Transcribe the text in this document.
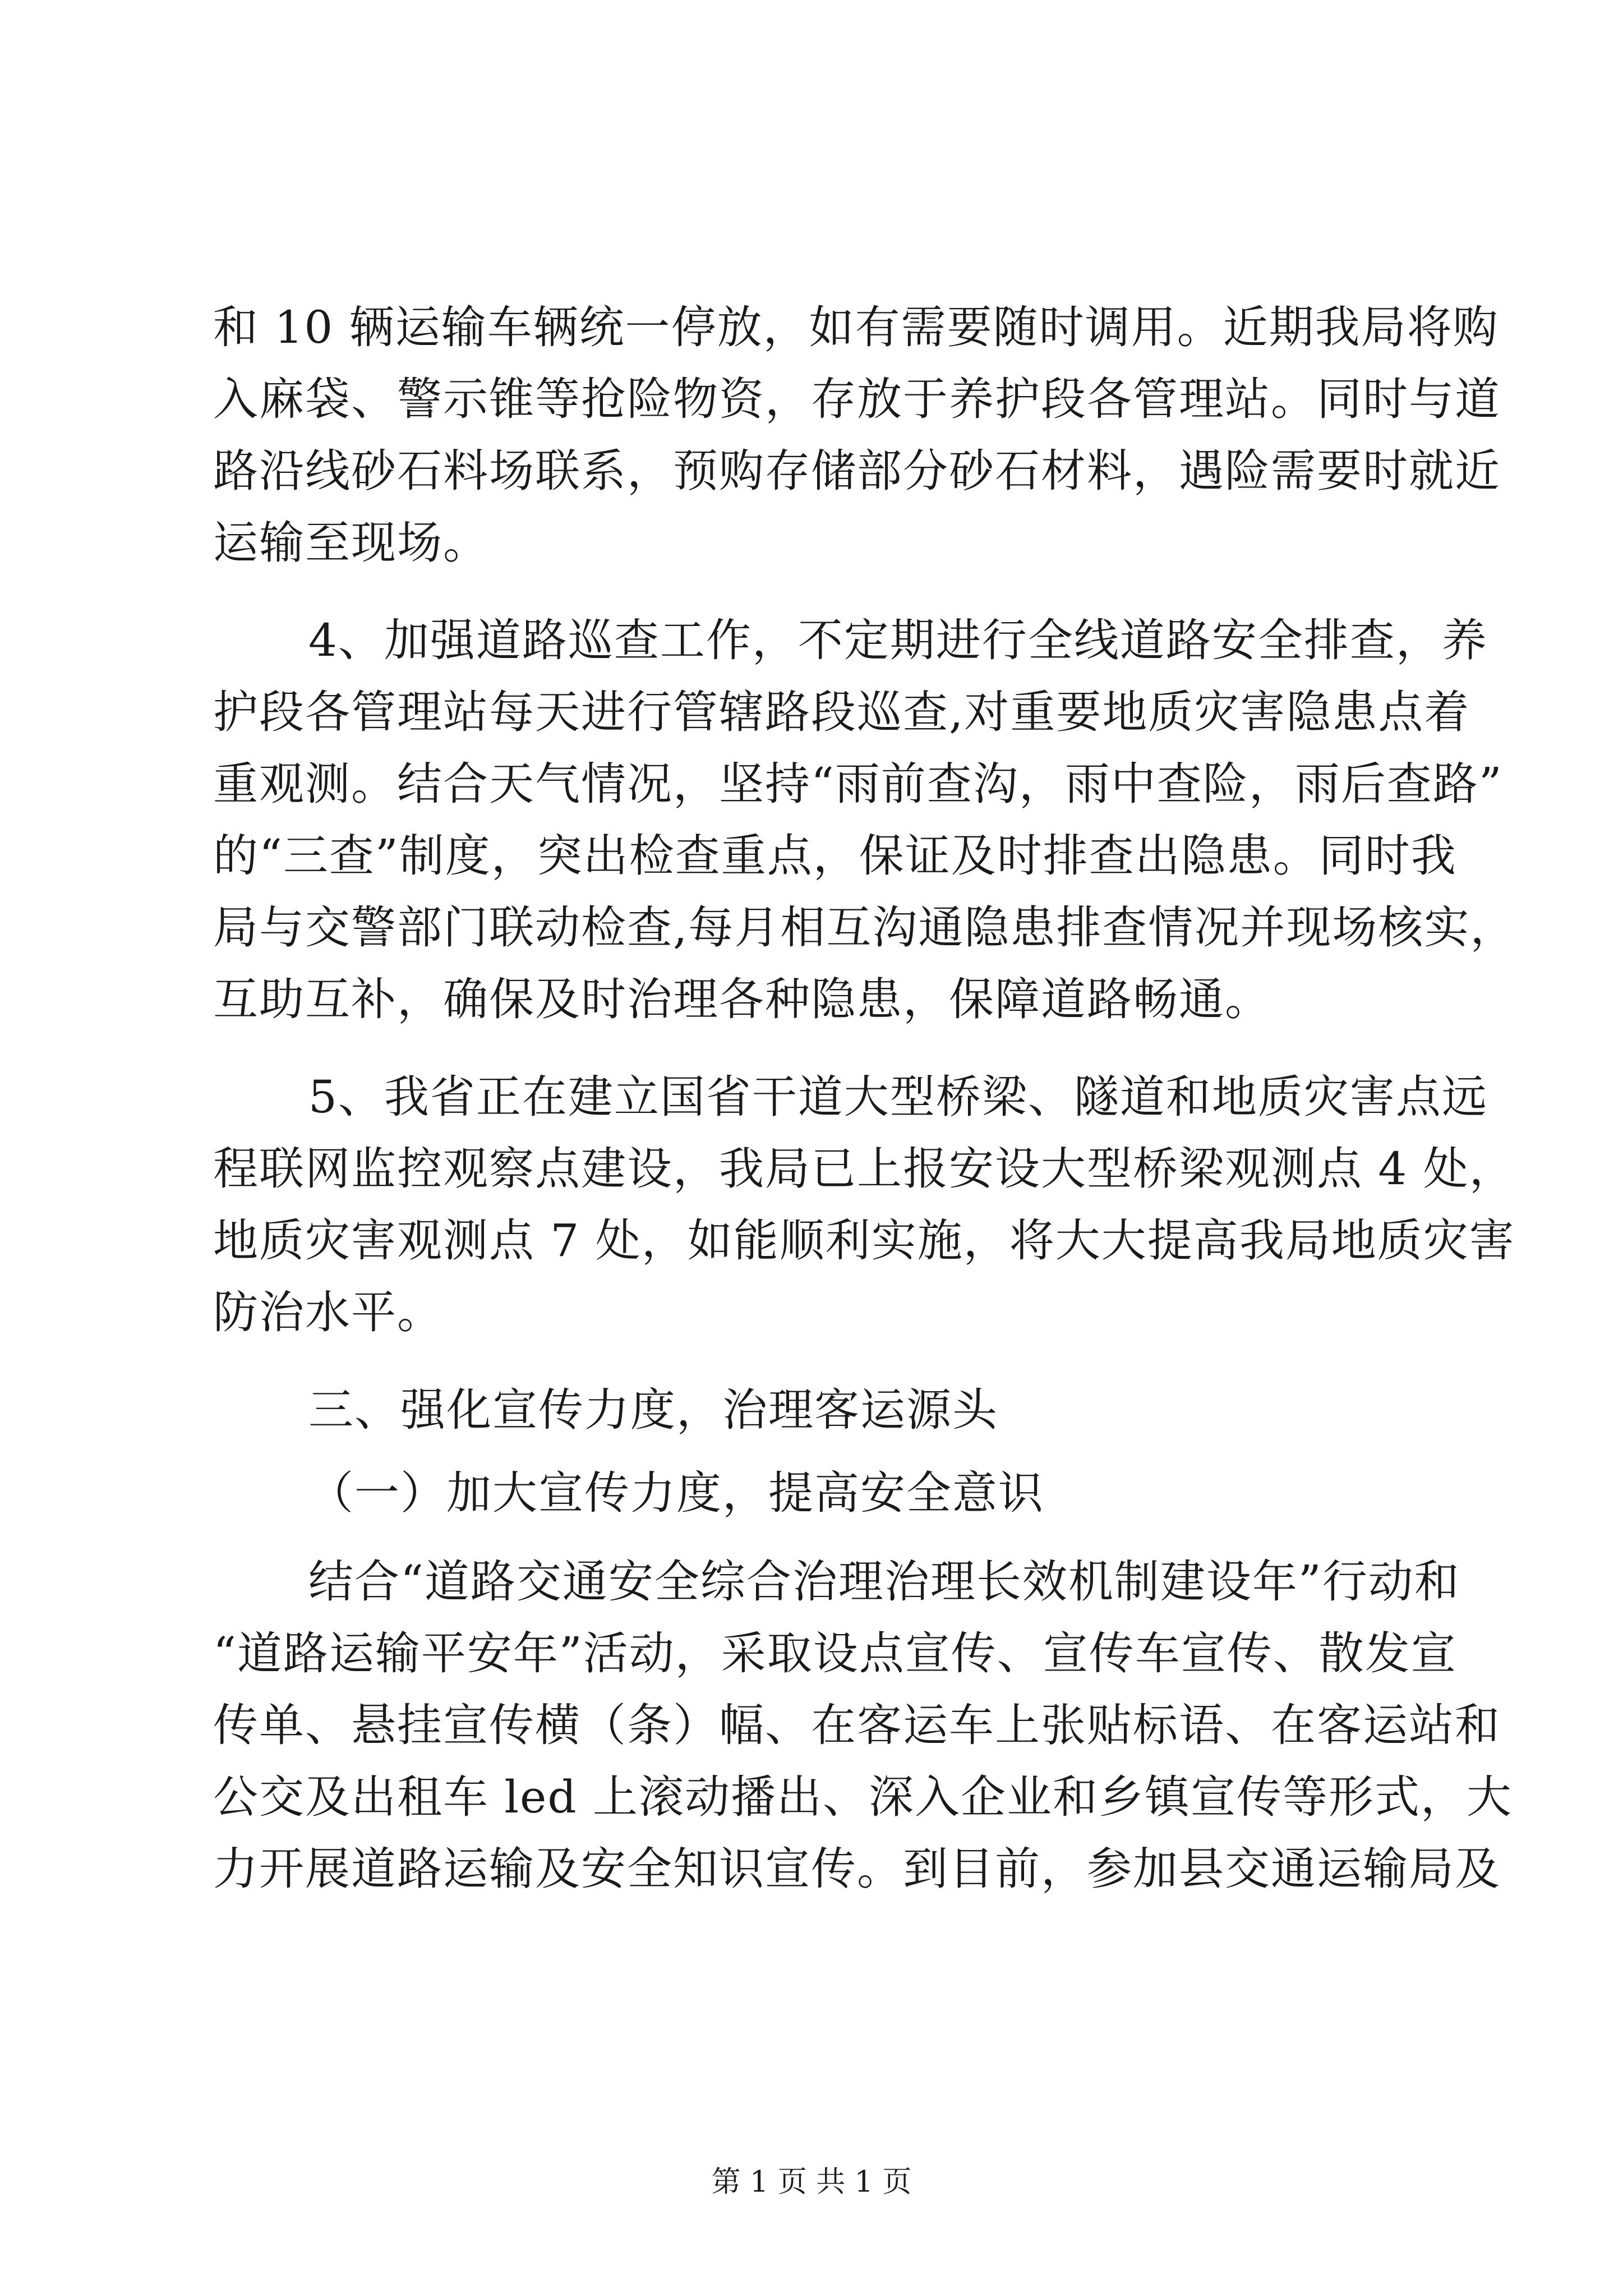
和 10 辆运输车辆统一停放，如有需要随时调用。近期我局将购
入麻袋、警示锥等抢险物资，存放于养护段各管理站。同时与道
路沿线砂石料场联系，预购存储部分砂石材料，遇险需要时就近
运输至现场。
4、加强道路巡查工作，不定期进行全线道路安全排查，养
护段各管理站每天进行管辖路段巡查,对重要地质灾害隐患点着
重观测。结合天气情况，坚持“雨前查沟，雨中查险，雨后查路”
的“三查”制度，突出检查重点，保证及时排查出隐患。同时我
局与交警部门联动检查,每月相互沟通隐患排查情况并现场核实，
互助互补，确保及时治理各种隐患，保障道路畅通。
5、我省正在建立国省干道大型桥梁、隧道和地质灾害点远
程联网监控观察点建设，我局已上报安设大型桥梁观测点 4 处，
地质灾害观测点 7 处，如能顺利实施，将大大提高我局地质灾害
防治水平。
三、强化宣传力度，治理客运源头
（一）加大宣传力度，提高安全意识
结合“道路交通安全综合治理治理长效机制建设年”行动和
“道路运输平安年”活动，采取设点宣传、宣传车宣传、散发宣
传单、悬挂宣传横（条）幅、在客运车上张贴标语、在客运站和
公交及出租车 led 上滚动播出、深入企业和乡镇宣传等形式，大
力开展道路运输及安全知识宣传。到目前，参加县交通运输局及
第 1 页 共 1 页
